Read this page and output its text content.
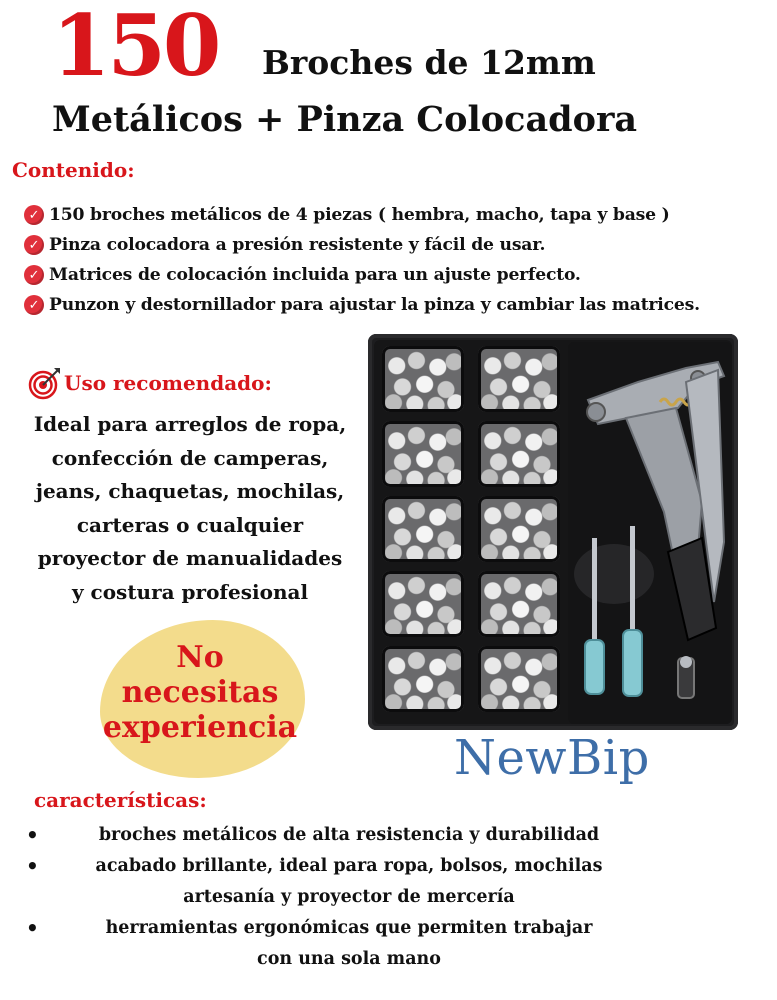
150 Broches de 12mm
Metálicos + Pinza Colocadora
Contenido:
✓ 150 broches metálicos de 4 piezas ( hembra, macho, tapa y base )
✓ Pinza colocadora a presión resistente y fácil de usar.
✓ Matrices de colocación incluida para un ajuste perfecto.
✓ Punzon y destornillador para ajustar la pinza y cambiar las matrices.
Uso recomendado:
Ideal para arreglos de ropa,
confección de camperas,
jeans, chaquetas, mochilas,
carteras o cualquier
proyector de manualidades
y costura profesional
No
necesitas
experiencia
NewBip
características:
•	broches metálicos de alta resistencia y durabilidad
•	acabado brillante, ideal para ropa, bolsos, mochilas
artesanía y proyector de mercería
•	herramientas ergonómicas que permiten trabajar
con una sola mano
